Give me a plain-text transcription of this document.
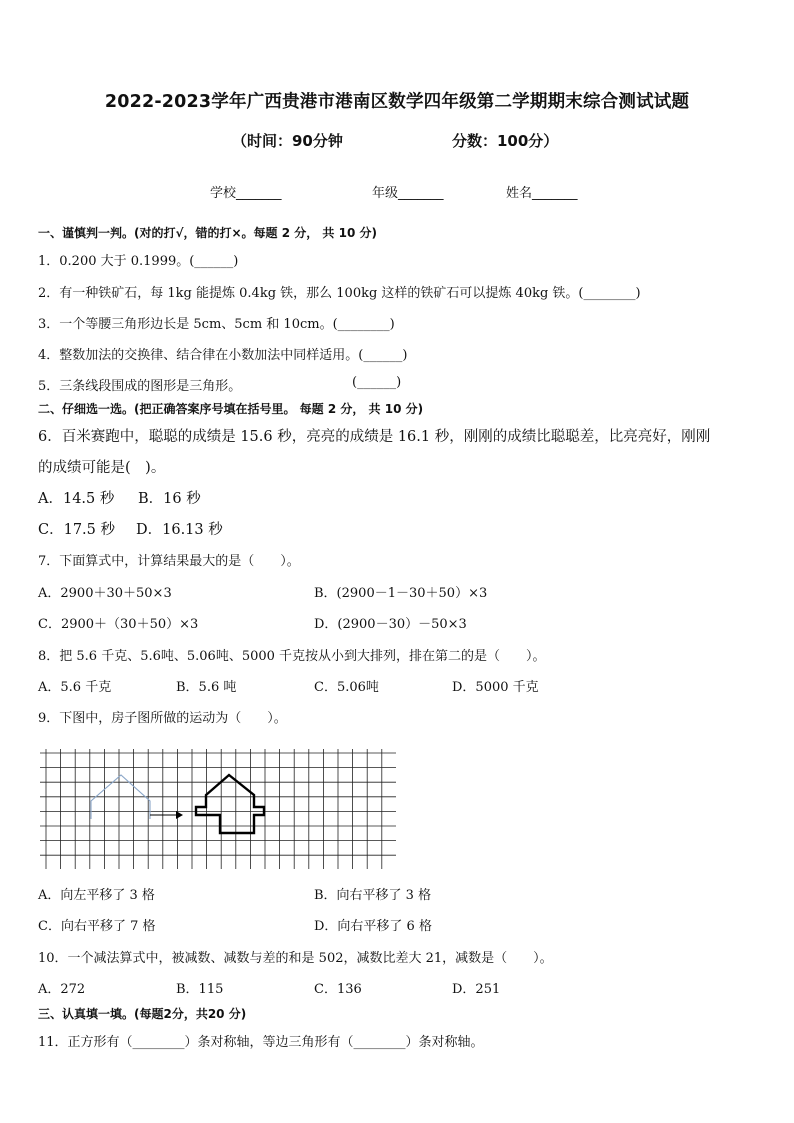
2022-2023学年广西贵港市港南区数学四年级第二学期期末综合测试试题
（时间：90分钟	分数：100分）
学校_______	年级_______	姓名_______
一、谨慎判一判。(对的打√，错的打×。每题 2 分， 共 10 分)
1．0.200 大于 0.1999。(______)
2．有一种铁矿石，每 1kg 能提炼 0.4kg 铁，那么 100kg 这样的铁矿石可以提炼 40kg 铁。(________)
3．一个等腰三角形边长是 5cm、5cm 和 10cm。(________)
4．整数加法的交换律、结合律在小数加法中同样适用。(______)
5．三条线段围成的图形是三角形。	(______)
二、仔细选一选。(把正确答案序号填在括号里。 每题 2 分， 共 10 分)
6．百米赛跑中，聪聪的成绩是 15.6 秒，亮亮的成绩是 16.1 秒，刚刚的成绩比聪聪差，比亮亮好，刚刚
的成绩可能是(　)。
A．14.5 秒 B．16 秒
C．17.5 秒 D．16.13 秒
7．下面算式中，计算结果最大的是（　　）。
A．2900＋30＋50×3	B．(2900－1－30＋50）×3
C．2900＋（30＋50）×3	D．(2900－30）－50×3
8．把 5.6 千克、5.6吨、5.06吨、5000 千克按从小到大排列，排在第二的是（　　）。
A．5.6 千克	B．5.6 吨	C．5.06吨	D．5000 千克
9．下图中，房子图所做的运动为（　　）。
A．向左平移了 3 格	B．向右平移了 3 格
C．向右平移了 7 格	D．向右平移了 6 格
10．一个减法算式中，被减数、减数与差的和是 502，减数比差大 21，减数是（　　）。
A．272	B．115	C．136	D．251
三、认真填一填。(每题2分，共20 分)
11．正方形有（________）条对称轴，等边三角形有（________）条对称轴。
